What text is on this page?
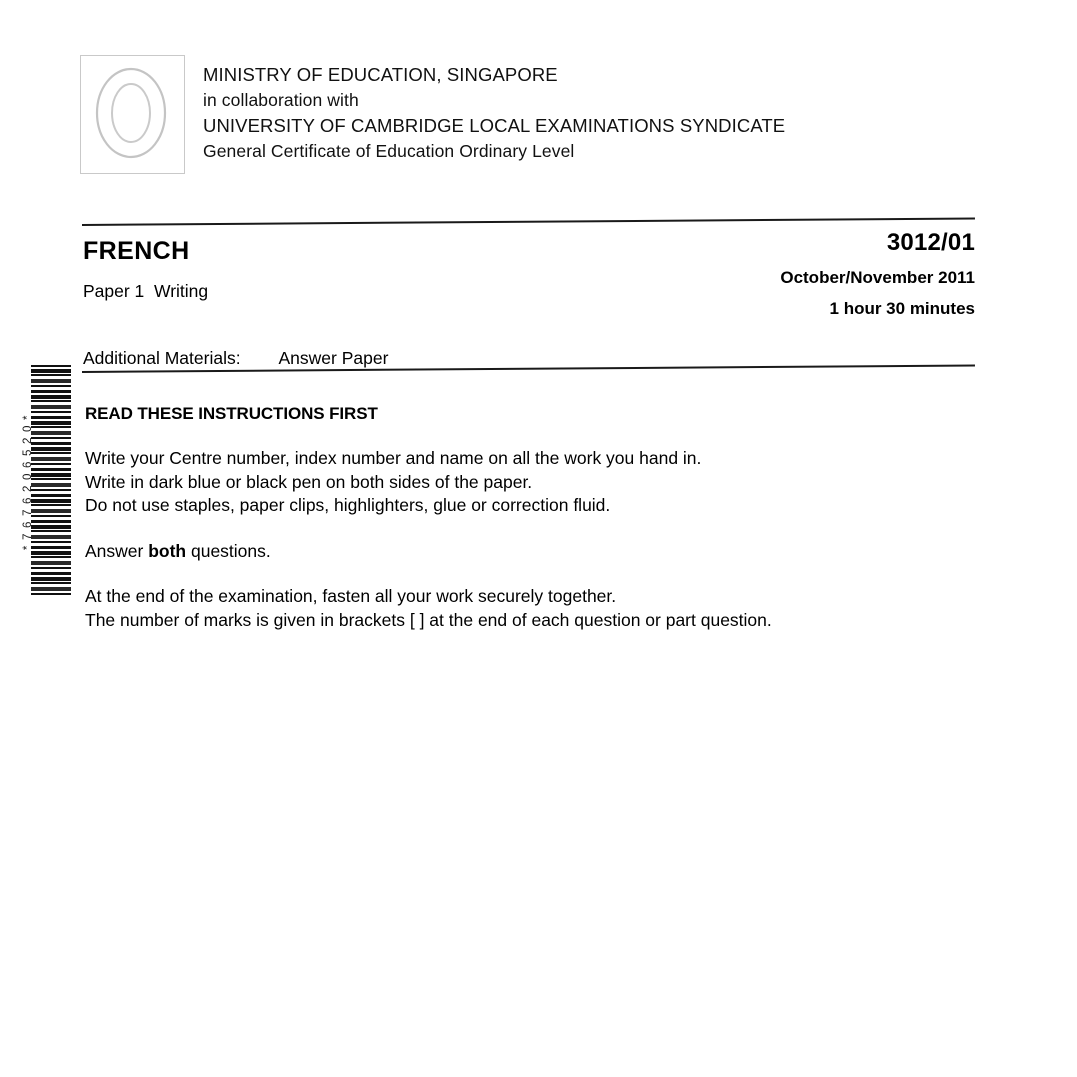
*7676206520*
MINISTRY OF EDUCATION, SINGAPORE
in collaboration with
UNIVERSITY OF CAMBRIDGE LOCAL EXAMINATIONS SYNDICATE
General Certificate of Education Ordinary Level
FRENCH
Paper 1  Writing
3012/01
October/November 2011
1 hour 30 minutes
Additional Materials:        Answer Paper
READ THESE INSTRUCTIONS FIRST
Write your Centre number, index number and name on all the work you hand in.
Write in dark blue or black pen on both sides of the paper.
Do not use staples, paper clips, highlighters, glue or correction fluid.
Answer both questions.
At the end of the examination, fasten all your work securely together.
The number of marks is given in brackets [ ] at the end of each question or part question.
